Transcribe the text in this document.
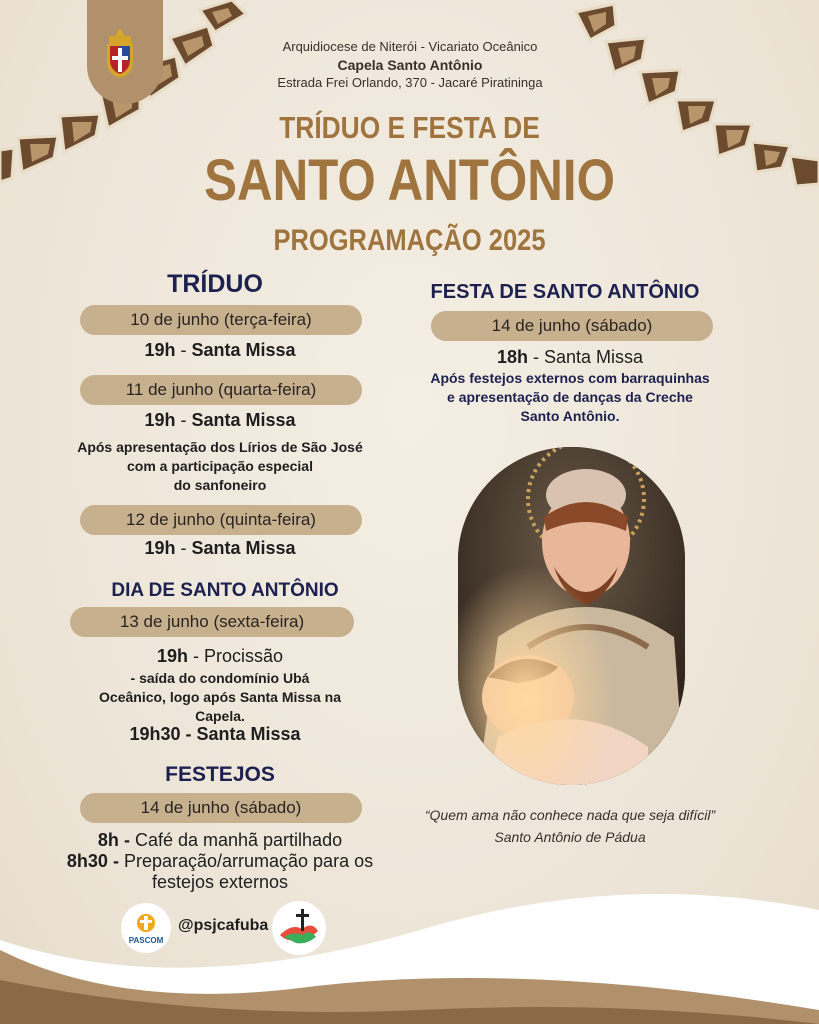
Arquidiocese de Niterói - Vicariato Oceânico
Capela Santo Antônio
Estrada Frei Orlando, 370 - Jacaré Piratininga
TRÍDUO E FESTA DE
SANTO ANTÔNIO
PROGRAMAÇÃO 2025
TRÍDUO
10 de junho (terça-feira)
19h - Santa Missa
11 de junho (quarta-feira)
19h - Santa Missa
Após apresentação dos Lírios de São José
com a participação especial
do sanfoneiro
12 de junho (quinta-feira)
19h - Santa Missa
DIA DE SANTO ANTÔNIO
13 de junho (sexta-feira)
19h - Procissão
- saída do condomínio Ubá
Oceânico, logo após Santa Missa na
Capela.
19h30 - Santa Missa
FESTEJOS
14 de junho (sábado)
8h - Café da manhã partilhado
8h30 - Preparação/arrumação para os
festejos externos
FESTA DE SANTO ANTÔNIO
14 de junho (sábado)
18h - Santa Missa
Após festejos externos com barraquinhas
e apresentação de danças da Creche
Santo Antônio.
“Quem ama não conhece nada que seja difícil”
Santo Antônio de Pádua
PASCOM
@psjcafuba
